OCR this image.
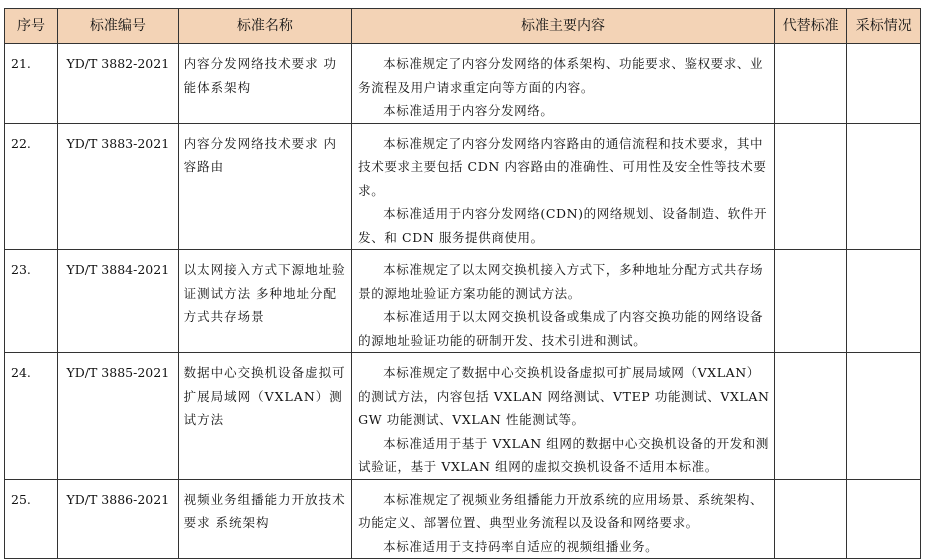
序号	标准编号	标准名称	标准主要内容	代替标准	采标情况
21.	YD/T 3882-2021	内容分发网络技术要求 功能体系架构	本标准规定了内容分发网络的体系架构、功能要求、鉴权要求、业务流程及用户请求重定向等方面的内容。

本标准适用于内容分发网络。		

22.	YD/T 3883-2021	内容分发网络技术要求 内容路由	本标准规定了内容分发网络内容路由的通信流程和技术要求，其中技术要求主要包括 CDN 内容路由的准确性、可用性及安全性等技术要求。

本标准适用于内容分发网络(CDN)的网络规划、设备制造、软件开发、和 CDN 服务提供商使用。		

23.	YD/T 3884-2021	以太网接入方式下源地址验证测试方法 多种地址分配方式共存场景	本标准规定了以太网交换机接入方式下，多种地址分配方式共存场景的源地址验证方案功能的测试方法。

本标准适用于以太网交换机设备或集成了内容交换功能的网络设备的源地址验证功能的研制开发、技术引进和测试。		

24.	YD/T 3885-2021	数据中心交换机设备虚拟可扩展局域网（VXLAN）测试方法	本标准规定了数据中心交换机设备虚拟可扩展局域网（VXLAN）的测试方法，内容包括 VXLAN 网络测试、VTEP 功能测试、VXLAN GW 功能测试、VXLAN 性能测试等。

本标准适用于基于 VXLAN 组网的数据中心交换机设备的开发和测试验证，基于 VXLAN 组网的虚拟交换机设备不适用本标准。		

25.	YD/T 3886-2021	视频业务组播能力开放技术要求 系统架构	本标准规定了视频业务组播能力开放系统的应用场景、系统架构、功能定义、部署位置、典型业务流程以及设备和网络要求。

本标准适用于支持码率自适应的视频组播业务。		
